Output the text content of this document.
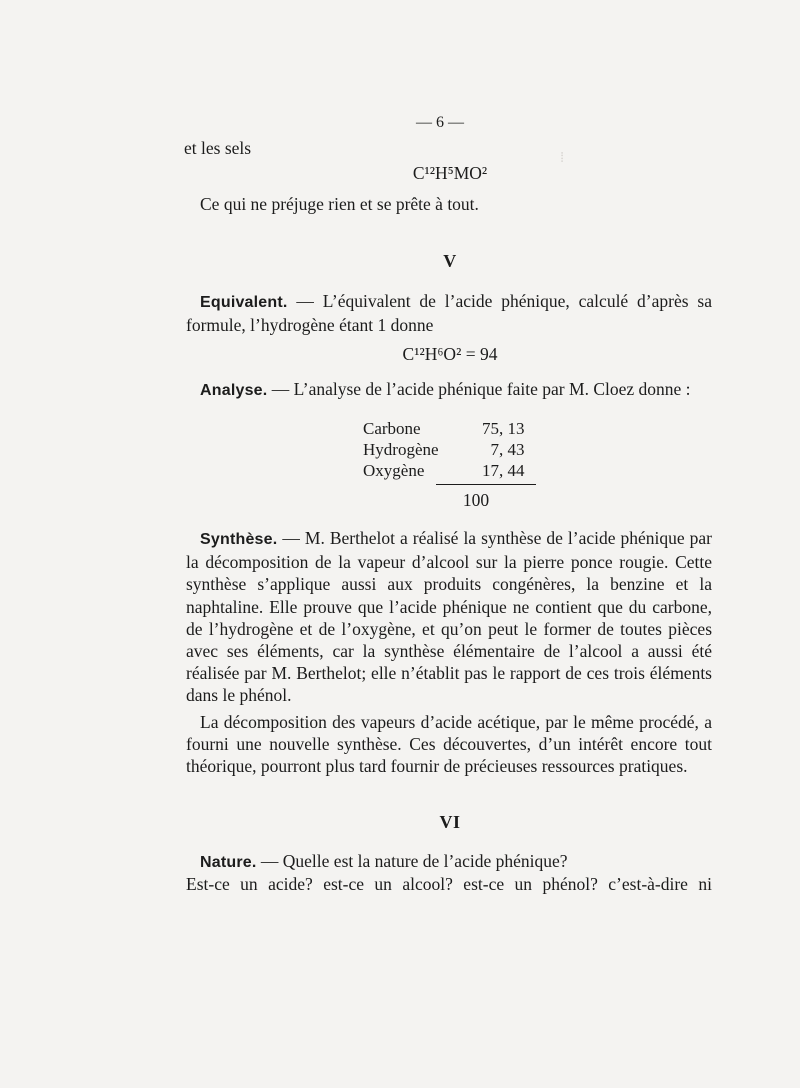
⁞
— 6 —
et les sels
C¹²H⁵MO²
Ce qui ne préjuge rien et se prête à tout.
V
Equivalent. — L’équivalent de l’acide phénique, calculé d’après sa formule, l’hydrogène étant 1 donne
C¹²H⁶O² = 94
Analyse. — L’analyse de l’acide phénique faite par M. Cloez donne :
Carbone	75, 13
Hydrogène	7, 43
Oxygène	17, 44
100
Synthèse. — M. Berthelot a réalisé la synthèse de l’acide phénique par la décomposition de la vapeur d’alcool sur la pierre ponce rougie. Cette synthèse s’applique aussi aux produits congénères, la benzine et la naphtaline. Elle prouve que l’acide phénique ne contient que du carbone, de l’hydrogène et de l’oxygène, et qu’on peut le former de toutes pièces avec ses éléments, car la synthèse élémentaire de l’alcool a aussi été réalisée par M. Berthelot; elle n’établit pas le rapport de ces trois éléments dans le phénol.
La décomposition des vapeurs d’acide acétique, par le même procédé, a fourni une nouvelle synthèse. Ces découvertes, d’un intérêt encore tout théorique, pourront plus tard fournir de précieuses ressources pratiques.
VI
Nature. — Quelle est la nature de l’acide phénique?
Est-ce un acide? est-ce un alcool? est-ce un phénol? c’est-à-dire ni
